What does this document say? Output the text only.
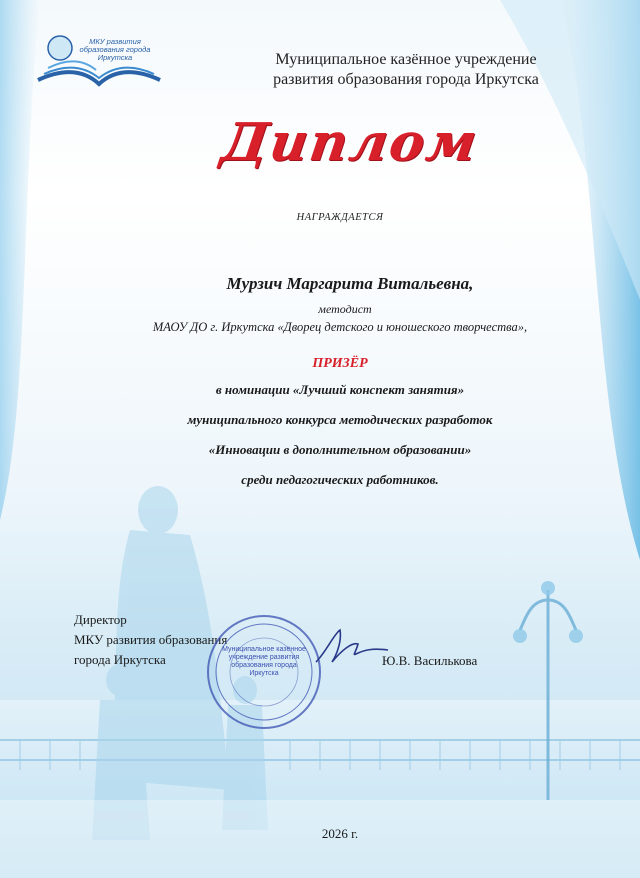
МКУ развития образования города Иркутска	Муниципальное казённое учреждение
развития образования города Иркутска
Диплом
НАГРАЖДАЕТСЯ
Мурзич Маргарита Витальевна,
методист
МАОУ ДО г. Иркутска «Дворец детского и юношеского творчества»,
ПРИЗЁР
в номинации «Лучший конспект занятия»
муниципального конкурса методических разработок
«Инновации в дополнительном образовании»
среди педагогических работников.
Директор
МКУ развития образования
города Иркутска
Муниципальное казённое учреждение развития образования города Иркутска
Ю.В. Василькова
2026 г.
